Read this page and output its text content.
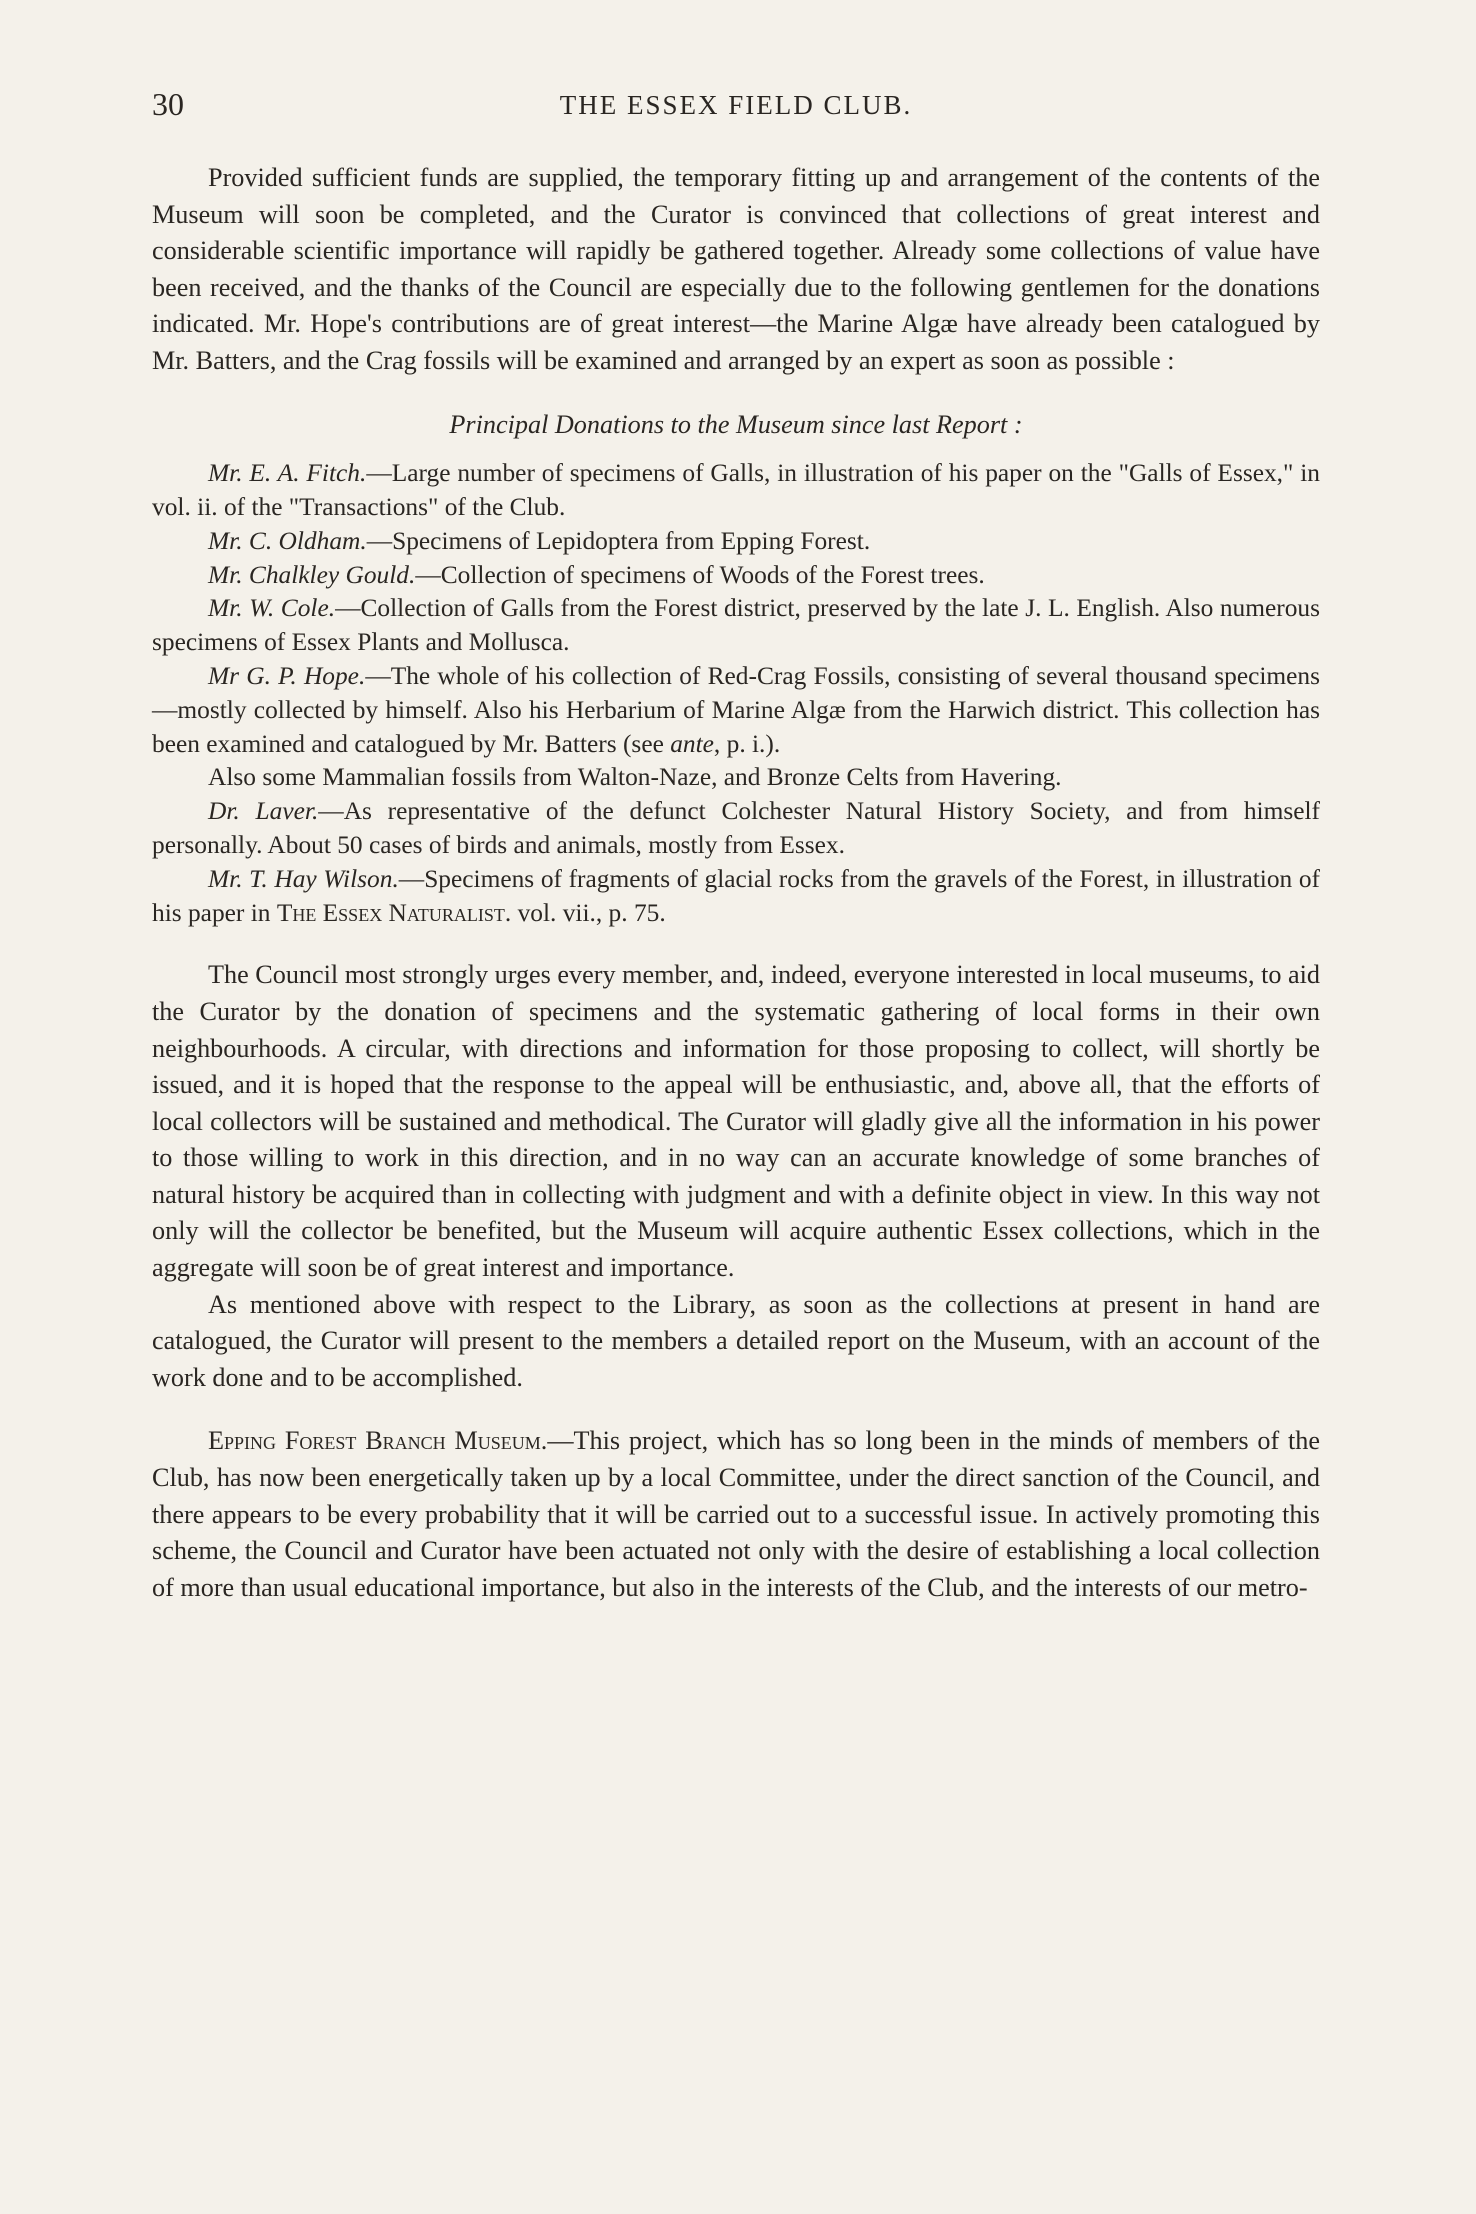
30	THE ESSEX FIELD CLUB.

Provided sufficient funds are supplied, the temporary fitting up and arrangement of the contents of the Museum will soon be completed, and the Curator is convinced that collections of great interest and considerable scientific importance will rapidly be gathered together. Already some collections of value have been received, and the thanks of the Council are especially due to the following gentlemen for the donations indicated. Mr. Hope's contributions are of great interest—the Marine Algæ have already been catalogued by Mr. Batters, and the Crag fossils will be examined and arranged by an expert as soon as possible :

Principal Donations to the Museum since last Report :

Mr. E. A. Fitch.—Large number of specimens of Galls, in illustration of his paper on the "Galls of Essex," in vol. ii. of the "Transactions" of the Club.

Mr. C. Oldham.—Specimens of Lepidoptera from Epping Forest.

Mr. Chalkley Gould.—Collection of specimens of Woods of the Forest trees.

Mr. W. Cole.—Collection of Galls from the Forest district, preserved by the late J. L. English. Also numerous specimens of Essex Plants and Mollusca.

Mr G. P. Hope.—The whole of his collection of Red-Crag Fossils, consisting of several thousand specimens—mostly collected by himself. Also his Herbarium of Marine Algæ from the Harwich district. This collection has been examined and catalogued by Mr. Batters (see ante, p. i.).

Also some Mammalian fossils from Walton-Naze, and Bronze Celts from Havering.

Dr. Laver.—As representative of the defunct Colchester Natural History Society, and from himself personally. About 50 cases of birds and animals, mostly from Essex.

Mr. T. Hay Wilson.—Specimens of fragments of glacial rocks from the gravels of the Forest, in illustration of his paper in The Essex Naturalist. vol. vii., p. 75.

The Council most strongly urges every member, and, indeed, everyone interested in local museums, to aid the Curator by the donation of specimens and the systematic gathering of local forms in their own neighbourhoods. A circular, with directions and information for those proposing to collect, will shortly be issued, and it is hoped that the response to the appeal will be enthusiastic, and, above all, that the efforts of local collectors will be sustained and methodical. The Curator will gladly give all the information in his power to those willing to work in this direction, and in no way can an accurate knowledge of some branches of natural history be acquired than in collecting with judgment and with a definite object in view. In this way not only will the collector be benefited, but the Museum will acquire authentic Essex collections, which in the aggregate will soon be of great interest and importance.

As mentioned above with respect to the Library, as soon as the collections at present in hand are catalogued, the Curator will present to the members a detailed report on the Museum, with an account of the work done and to be accomplished.

Epping Forest Branch Museum.—This project, which has so long been in the minds of members of the Club, has now been energetically taken up by a local Committee, under the direct sanction of the Council, and there appears to be every probability that it will be carried out to a successful issue. In actively promoting this scheme, the Council and Curator have been actuated not only with the desire of establishing a local collection of more than usual educational importance, but also in the interests of the Club, and the interests of our metro-
